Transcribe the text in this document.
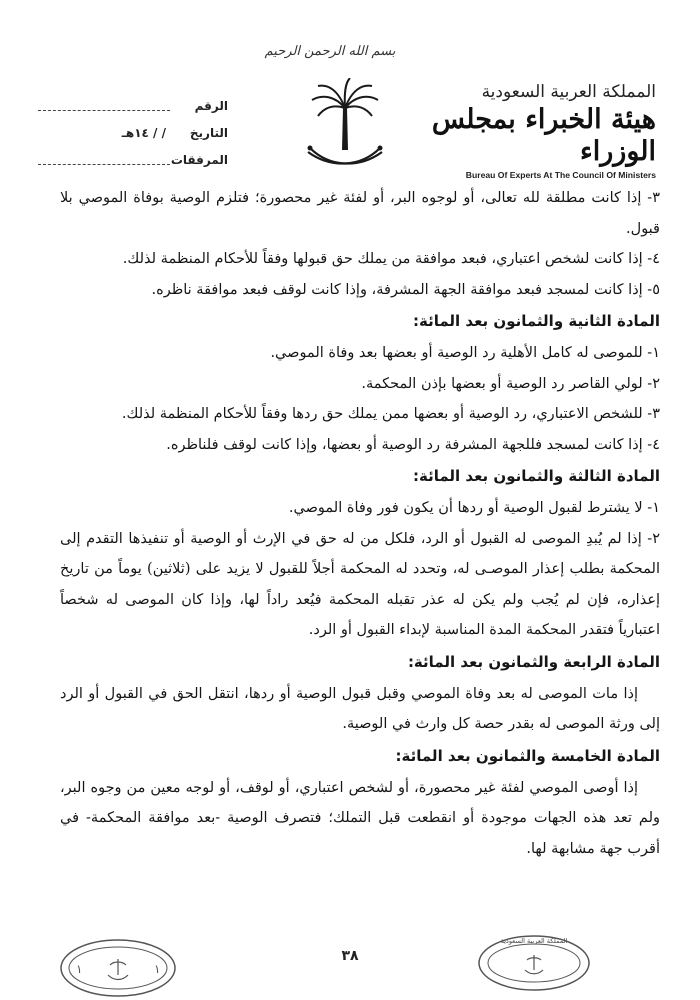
بسم الله الرحمن الرحيم
المملكة العربية السعودية
هيئة الخبراء بمجلس الوزراء
Bureau Of Experts At The Council Of Ministers
الرقم
التاريخ
/ / ١٤هـ
المرفقات

٣- إذا كانت مطلقة لله تعالى، أو لوجوه البر، أو لفئة غير محصورة؛ فتلزم الوصية بوفاة الموصي بلا قبول.

٤- إذا كانت لشخص اعتباري، فبعد موافقة من يملك حق قبولها وفقاً للأحكام المنظمة لذلك.

٥- إذا كانت لمسجد فبعد موافقة الجهة المشرفة، وإذا كانت لوقف فبعد موافقة ناظره.

المادة الثانية والثمانون بعد المائة:

١- للموصى له كامل الأهلية رد الوصية أو بعضها بعد وفاة الموصي.

٢- لولي القاصر رد الوصية أو بعضها بإذن المحكمة.

٣- للشخص الاعتباري، رد الوصية أو بعضها ممن يملك حق ردها وفقاً للأحكام المنظمة لذلك.

٤- إذا كانت لمسجد فللجهة المشرفة رد الوصية أو بعضها، وإذا كانت لوقف فلناظره.

المادة الثالثة والثمانون بعد المائة:

١- لا يشترط لقبول الوصية أو ردها أن يكون فور وفاة الموصي.

٢- إذا لم يُبدِ الموصى له القبول أو الرد، فلكل من له حق في الإرث أو الوصية أو تنفيذها التقدم إلى المحكمة بطلب إعذار الموصـى له، وتحدد له المحكمة أجلاً للقبول لا يزيد على (ثلاثين) يوماً من تاريخ إعذاره، فإن لم يُجب ولم يكن له عذر تقبله المحكمة فيُعد راداً لها، وإذا كان الموصى له شخصاً اعتبارياً فتقدر المحكمة المدة المناسبة لإبداء القبول أو الرد.

المادة الرابعة والثمانون بعد المائة:

إذا مات الموصى له بعد وفاة الموصي وقبل قبول الوصية أو ردها، انتقل الحق في القبول أو الرد إلى ورثة الموصى له بقدر حصة كل وارث في الوصية.

المادة الخامسة والثمانون بعد المائة:

إذا أوصى الموصي لفئة غير محصورة، أو لشخص اعتباري، أو لوقف، أو لوجه معين من وجوه البر، ولم تعد هذه الجهات موجودة أو انقطعت قبل التملك؛ فتصرف الوصية -بعد موافقة المحكمة- في أقرب جهة مشابهة لها.

٣٨
١	١
المملكة العربية السعودية
